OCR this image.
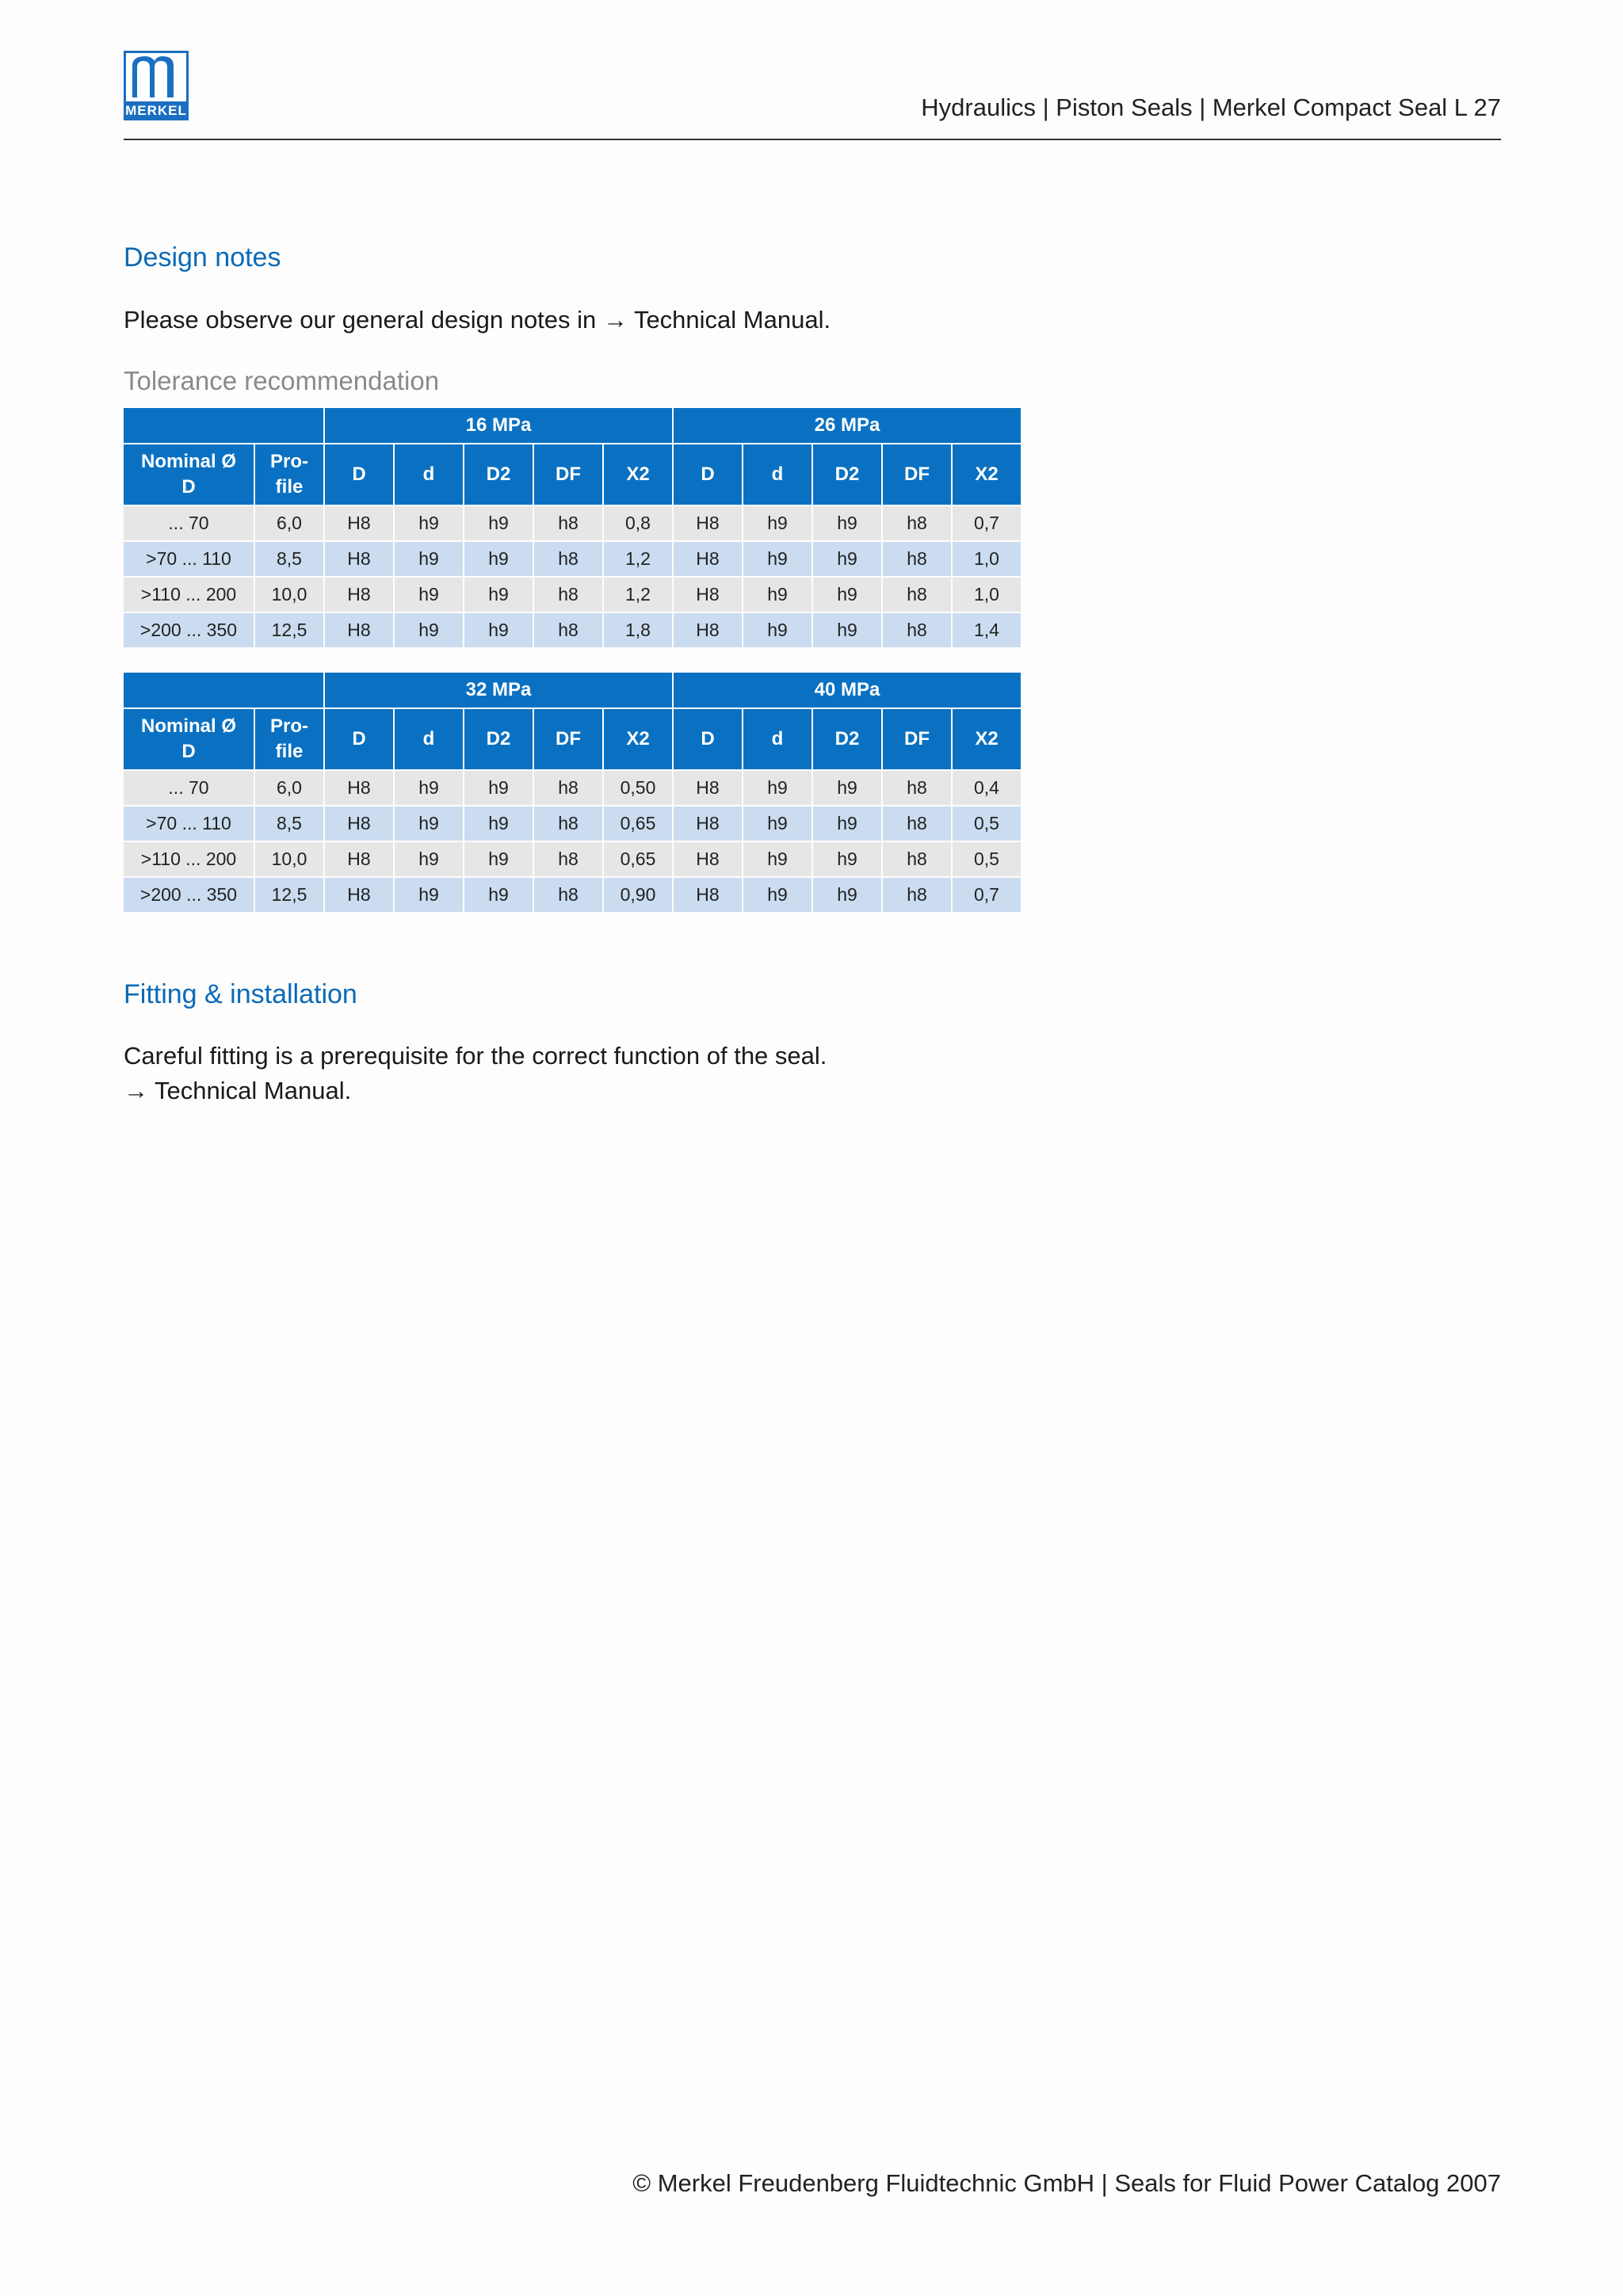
MERKEL	Hydraulics | Piston Seals | Merkel Compact Seal L 27
Design notes
Please observe our general design notes in → Technical Manual.
Tolerance recommendation
		16 MPa					26 MPa				
Nominal Ø D	Pro- file	D	d	D2	DF	X2	D	d	D2	DF	X2
... 70	6,0	H8	h9	h9	h8	0,8	H8	h9	h9	h8	0,7
>70 ... 110	8,5	H8	h9	h9	h8	1,2	H8	h9	h9	h8	1,0
>110 ... 200	10,0	H8	h9	h9	h8	1,2	H8	h9	h9	h8	1,0
>200 ... 350	12,5	H8	h9	h9	h8	1,8	H8	h9	h9	h8	1,4
		32 MPa					40 MPa				
Nominal Ø D	Pro- file	D	d	D2	DF	X2	D	d	D2	DF	X2
... 70	6,0	H8	h9	h9	h8	0,50	H8	h9	h9	h8	0,4
>70 ... 110	8,5	H8	h9	h9	h8	0,65	H8	h9	h9	h8	0,5
>110 ... 200	10,0	H8	h9	h9	h8	0,65	H8	h9	h9	h8	0,5
>200 ... 350	12,5	H8	h9	h9	h8	0,90	H8	h9	h9	h8	0,7
Fitting & installation
Careful fitting is a prerequisite for the correct function of the seal.
→ Technical Manual.
© Merkel Freudenberg Fluidtechnic GmbH | Seals for Fluid Power Catalog 2007
